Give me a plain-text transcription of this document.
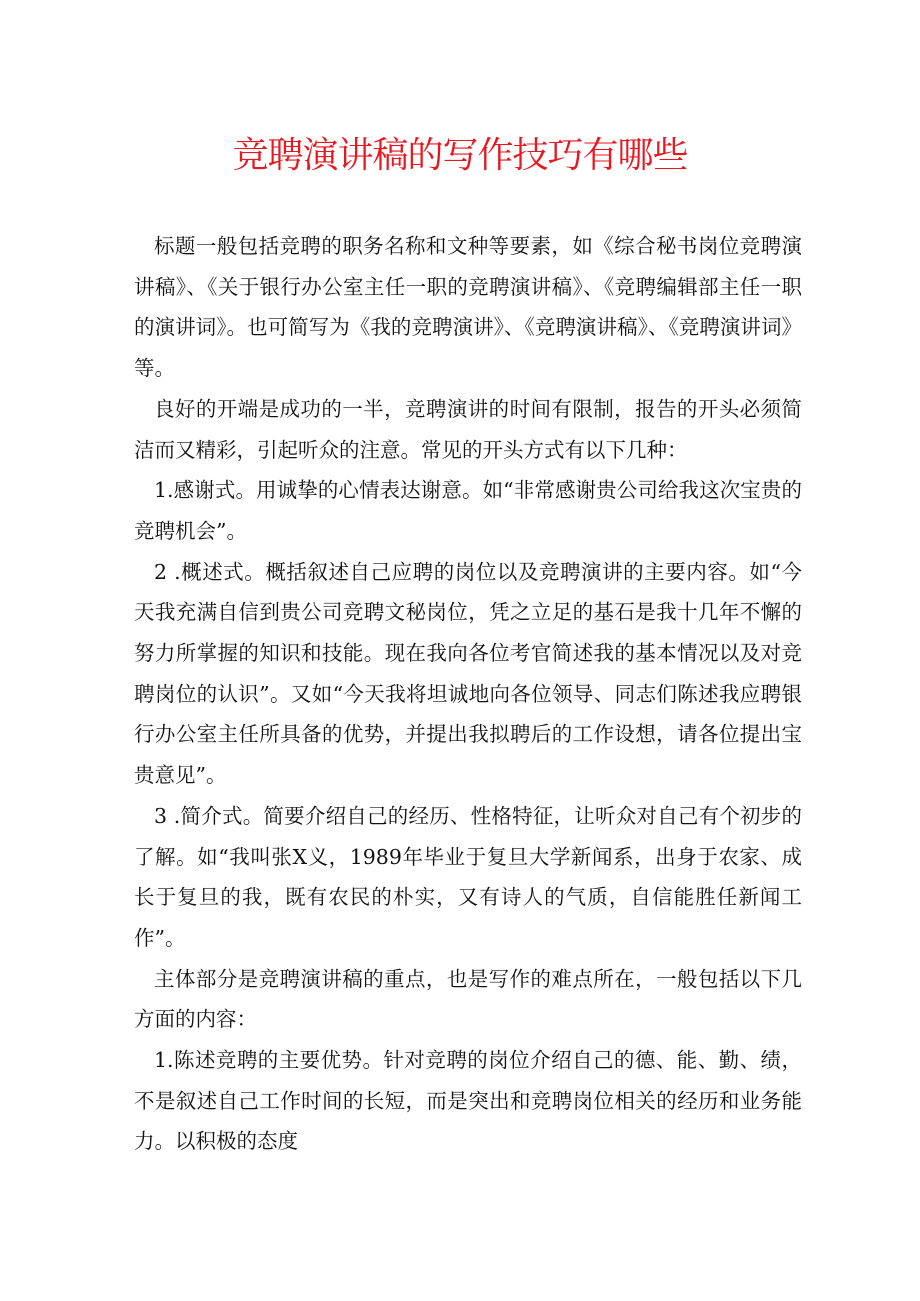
竞聘演讲稿的写作技巧有哪些

标题一般包括竞聘的职务名称和文种等要素，如《综合秘书岗位竞聘演讲稿》、《关于银行办公室主任一职的竞聘演讲稿》、《竞聘编辑部主任一职的演讲词》。也可简写为《我的竞聘演讲》、《竞聘演讲稿》、《竞聘演讲词》等。

良好的开端是成功的一半，竞聘演讲的时间有限制，报告的开头必须简洁而又精彩，引起听众的注意。常见的开头方式有以下几种：

1.感谢式。用诚挚的心情表达谢意。如“非常感谢贵公司给我这次宝贵的竞聘机会”。

2 .概述式。概括叙述自己应聘的岗位以及竞聘演讲的主要内容。如“今天我充满自信到贵公司竞聘文秘岗位，凭之立足的基石是我十几年不懈的努力所掌握的知识和技能。现在我向各位考官简述我的基本情况以及对竞聘岗位的认识”。又如“今天我将坦诚地向各位领导、同志们陈述我应聘银行办公室主任所具备的优势，并提出我拟聘后的工作设想，请各位提出宝贵意见”。

3 .简介式。简要介绍自己的经历、性格特征，让听众对自己有个初步的了解。如“我叫张X义，1989年毕业于复旦大学新闻系，出身于农家、成长于复旦的我，既有农民的朴实，又有诗人的气质，自信能胜任新闻工作”。

主体部分是竞聘演讲稿的重点，也是写作的难点所在，一般包括以下几方面的内容：

1.陈述竞聘的主要优势。针对竞聘的岗位介绍自己的德、能、勤、绩，不是叙述自己工作时间的长短，而是突出和竞聘岗位相关的经历和业务能力。以积极的态度
